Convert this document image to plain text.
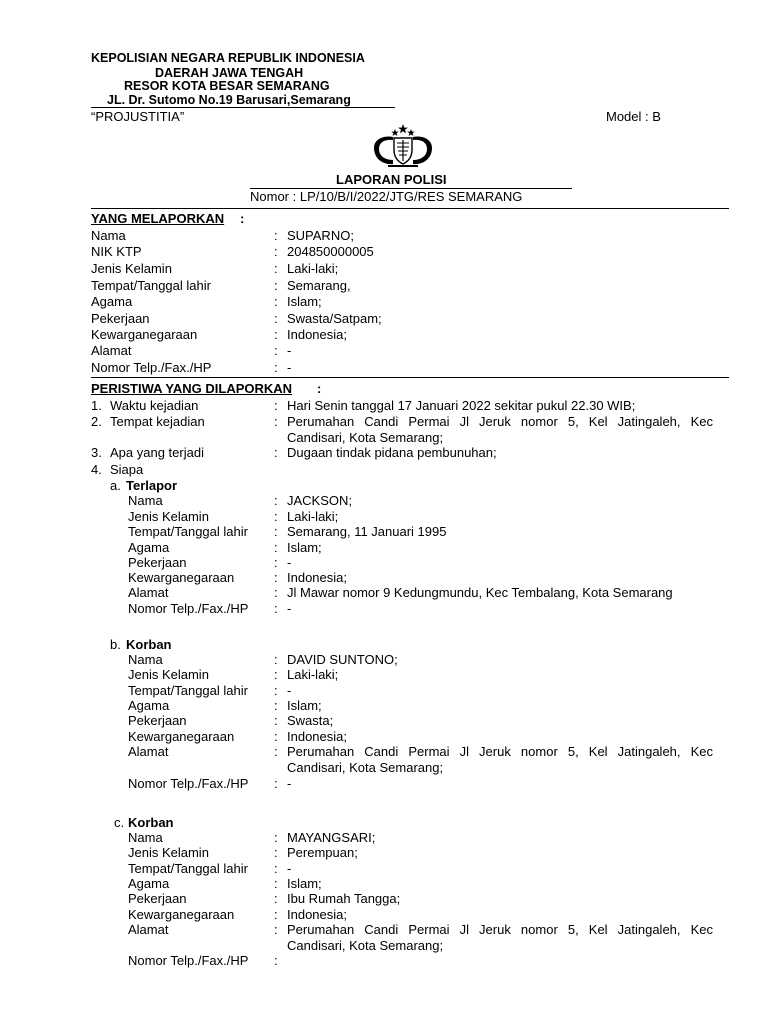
KEPOLISIAN NEGARA REPUBLIK INDONESIA
DAERAH JAWA TENGAH
RESOR KOTA BESAR SEMARANG
JL. Dr. Sutomo No.19 Barusari,Semarang
“PROJUSTITIA”	Model : B
LAPORAN POLISI
Nomor : LP/10/B/I/2022/JTG/RES SEMARANG
YANG MELAPORKAN :
Nama	: SUPARNO;
NIK KTP	: 204850000005
Jenis Kelamin	: Laki-laki;
Tempat/Tanggal lahir	: Semarang,
Agama	: Islam;
Pekerjaan	: Swasta/Satpam;
Kewarganegaraan	: Indonesia;
Alamat	: -
Nomor Telp./Fax./HP	: -
PERISTIWA YANG DILAPORKAN :
1. Waktu kejadian	: Hari Senin tanggal 17 Januari 2022 sekitar pukul 22.30 WIB;
2. Tempat kejadian	: Perumahan Candi Permai Jl Jeruk nomor 5, Kel Jatingaleh, Kec Candisari, Kota Semarang;
3. Apa yang terjadi	: Dugaan tindak pidana pembunuhan;
4. Siapa
a. Terlapor
Nama	: JACKSON;
Jenis Kelamin	: Laki-laki;
Tempat/Tanggal lahir : Semarang, 11 Januari 1995
Agama	: Islam;
Pekerjaan	: -
Kewarganegaraan	: Indonesia;
Alamat	: Jl Mawar nomor 9 Kedungmundu, Kec Tembalang, Kota Semarang
Nomor Telp./Fax./HP : -
b. Korban
Nama	: DAVID SUNTONO;
Jenis Kelamin	: Laki-laki;
Tempat/Tanggal lahir : -
Agama	: Islam;
Pekerjaan	: Swasta;
Kewarganegaraan	: Indonesia;
Alamat	: Perumahan Candi Permai Jl Jeruk nomor 5, Kel Jatingaleh, Kec Candisari, Kota Semarang;
Nomor Telp./Fax./HP : -
c. Korban
Nama	: MAYANGSARI;
Jenis Kelamin	: Perempuan;
Tempat/Tanggal lahir : -
Agama	: Islam;
Pekerjaan	: Ibu Rumah Tangga;
Kewarganegaraan	: Indonesia;
Alamat	: Perumahan Candi Permai Jl Jeruk nomor 5, Kel Jatingaleh, Kec Candisari, Kota Semarang;
Nomor Telp./Fax./HP :
